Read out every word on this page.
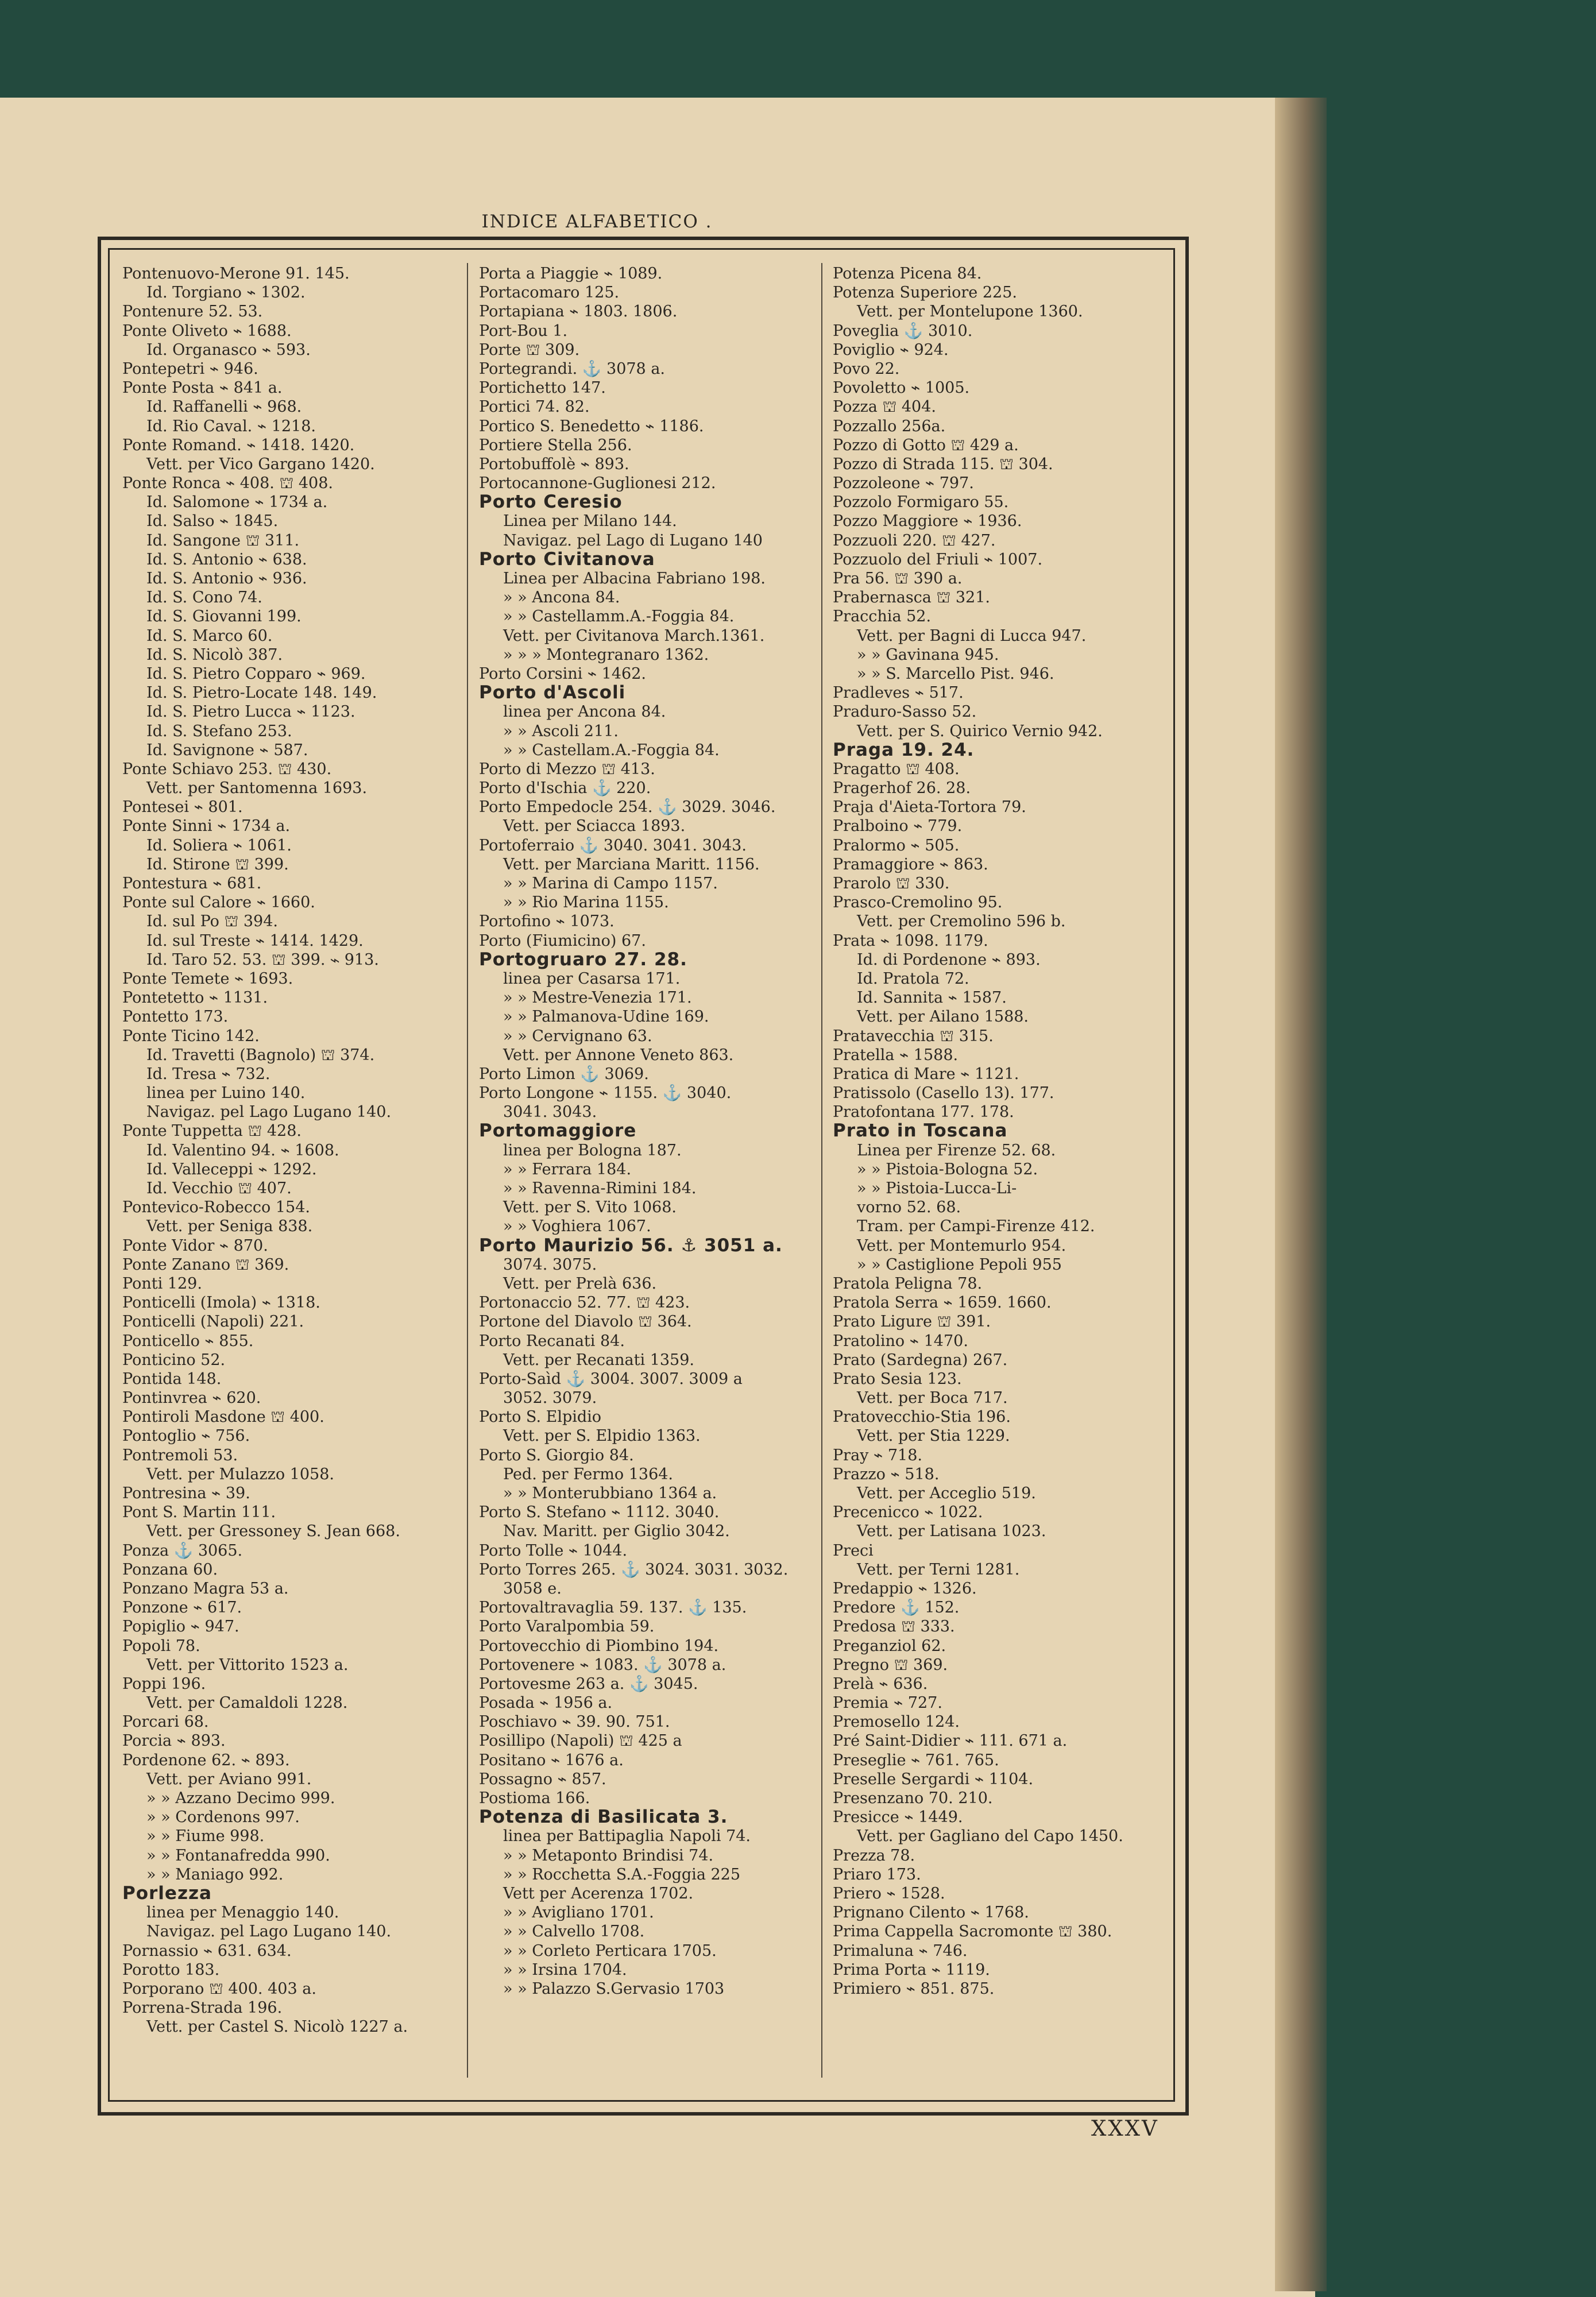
INDICE ALFABETICO .
Pontenuovo-Merone 91. 145.
Id. Torgiano ⌁ 1302.
Pontenure 52. 53.
Ponte Oliveto ⌁ 1688.
Id. Organasco ⌁ 593.
Pontepetri ⌁ 946.
Ponte Posta ⌁ 841 a.
Id. Raffanelli ⌁ 968.
Id. Rio Caval. ⌁ 1218.
Ponte Romand. ⌁ 1418. 1420.
Vett. per Vico Gargano 1420.
Ponte Ronca ⌁ 408. ⛫ 408.
Id. Salomone ⌁ 1734 a.
Id. Salso ⌁ 1845.
Id. Sangone ⛫ 311.
Id. S. Antonio ⌁ 638.
Id. S. Antonio ⌁ 936.
Id. S. Cono 74.
Id. S. Giovanni 199.
Id. S. Marco 60.
Id. S. Nicolò 387.
Id. S. Pietro Copparo ⌁ 969.
Id. S. Pietro-Locate 148. 149.
Id. S. Pietro Lucca ⌁ 1123.
Id. S. Stefano 253.
Id. Savignone ⌁ 587.
Ponte Schiavo 253. ⛫ 430.
Vett. per Santomenna 1693.
Pontesei ⌁ 801.
Ponte Sinni ⌁ 1734 a.
Id. Soliera ⌁ 1061.
Id. Stirone ⛫ 399.
Pontestura ⌁ 681.
Ponte sul Calore ⌁ 1660.
Id. sul Po ⛫ 394.
Id. sul Treste ⌁ 1414. 1429.
Id. Taro 52. 53. ⛫ 399. ⌁ 913.
Ponte Temete ⌁ 1693.
Pontetetto ⌁ 1131.
Pontetto 173.
Ponte Ticino 142.
Id. Travetti (Bagnolo) ⛫ 374.
Id. Tresa ⌁ 732.
linea per Luino 140.
Navigaz. pel Lago Lugano 140.
Ponte Tuppetta ⛫ 428.
Id. Valentino 94. ⌁ 1608.
Id. Valleceppi ⌁ 1292.
Id. Vecchio ⛫ 407.
Pontevico-Robecco 154.
Vett. per Seniga 838.
Ponte Vidor ⌁ 870.
Ponte Zanano ⛫ 369.
Ponti 129.
Ponticelli (Imola) ⌁ 1318.
Ponticelli (Napoli) 221.
Ponticello ⌁ 855.
Ponticino 52.
Pontida 148.
Pontinvrea ⌁ 620.
Pontiroli Masdone ⛫ 400.
Pontoglio ⌁ 756.
Pontremoli 53.
Vett. per Mulazzo 1058.
Pontresina ⌁ 39.
Pont S. Martin 111.
Vett. per Gressoney S. Jean 668.
Ponza ⚓ 3065.
Ponzana 60.
Ponzano Magra 53 a.
Ponzone ⌁ 617.
Popiglio ⌁ 947.
Popoli 78.
Vett. per Vittorito 1523 a.
Poppi 196.
Vett. per Camaldoli 1228.
Porcari 68.
Porcia ⌁ 893.
Pordenone 62. ⌁ 893.
Vett. per Aviano 991.
» » Azzano Decimo 999.
» » Cordenons 997.
» » Fiume 998.
» » Fontanafredda 990.
» » Maniago 992.
Porlezza
linea per Menaggio 140.
Navigaz. pel Lago Lugano 140.
Pornassio ⌁ 631. 634.
Porotto 183.
Porporano ⛫ 400. 403 a.
Porrena-Strada 196.
Vett. per Castel S. Nicolò 1227 a.
Porta a Piaggie ⌁ 1089.
Portacomaro 125.
Portapiana ⌁ 1803. 1806.
Port-Bou 1.
Porte ⛫ 309.
Portegrandi. ⚓ 3078 a.
Portichetto 147.
Portici 74. 82.
Portico S. Benedetto ⌁ 1186.
Portiere Stella 256.
Portobuffolè ⌁ 893.
Portocannone-Guglionesi 212.
Porto Ceresio
Linea per Milano 144.
Navigaz. pel Lago di Lugano 140
Porto Civitanova
Linea per Albacina Fabriano 198.
» » Ancona 84.
» » Castellamm.A.-Foggia 84.
Vett. per Civitanova March.1361.
» » » Montegranaro 1362.
Porto Corsini ⌁ 1462.
Porto d'Ascoli
linea per Ancona 84.
» » Ascoli 211.
» » Castellam.A.-Foggia 84.
Porto di Mezzo ⛫ 413.
Porto d'Ischia ⚓ 220.
Porto Empedocle 254. ⚓ 3029. 3046.
Vett. per Sciacca 1893.
Portoferraio ⚓ 3040. 3041. 3043.
Vett. per Marciana Maritt. 1156.
» » Marina di Campo 1157.
» » Rio Marina 1155.
Portofino ⌁ 1073.
Porto (Fiumicino) 67.
Portogruaro 27. 28.
linea per Casarsa 171.
» » Mestre-Venezia 171.
» » Palmanova-Udine 169.
» » Cervignano 63.
Vett. per Annone Veneto 863.
Porto Limon ⚓ 3069.
Porto Longone ⌁ 1155. ⚓ 3040.
3041. 3043.
Portomaggiore
linea per Bologna 187.
» » Ferrara 184.
» » Ravenna-Rimini 184.
Vett. per S. Vito 1068.
» » Voghiera 1067.
Porto Maurizio 56. ⚓ 3051 a.
3074. 3075.
Vett. per Prelà 636.
Portonaccio 52. 77. ⛫ 423.
Portone del Diavolo ⛫ 364.
Porto Recanati 84.
Vett. per Recanati 1359.
Porto-Saìd ⚓ 3004. 3007. 3009 a
3052. 3079.
Porto S. Elpidio
Vett. per S. Elpidio 1363.
Porto S. Giorgio 84.
Ped. per Fermo 1364.
» » Monterubbiano 1364 a.
Porto S. Stefano ⌁ 1112. 3040.
Nav. Maritt. per Giglio 3042.
Porto Tolle ⌁ 1044.
Porto Torres 265. ⚓ 3024. 3031. 3032.
3058 e.
Portovaltravaglia 59. 137. ⚓ 135.
Porto Varalpombia 59.
Portovecchio di Piombino 194.
Portovenere ⌁ 1083. ⚓ 3078 a.
Portovesme 263 a. ⚓ 3045.
Posada ⌁ 1956 a.
Poschiavo ⌁ 39. 90. 751.
Posillipo (Napoli) ⛫ 425 a
Positano ⌁ 1676 a.
Possagno ⌁ 857.
Postioma 166.
Potenza di Basilicata 3.
linea per Battipaglia Napoli 74.
» » Metaponto Brindisi 74.
» » Rocchetta S.A.-Foggia 225
Vett per Acerenza 1702.
» » Avigliano 1701.
» » Calvello 1708.
» » Corleto Perticara 1705.
» » Irsina 1704.
» » Palazzo S.Gervasio 1703
Potenza Picena 84.
Potenza Superiore 225.
Vett. per Montelupone 1360.
Poveglia ⚓ 3010.
Poviglio ⌁ 924.
Povo 22.
Povoletto ⌁ 1005.
Pozza ⛫ 404.
Pozzallo 256a.
Pozzo di Gotto ⛫ 429 a.
Pozzo di Strada 115. ⛫ 304.
Pozzoleone ⌁ 797.
Pozzolo Formigaro 55.
Pozzo Maggiore ⌁ 1936.
Pozzuoli 220. ⛫ 427.
Pozzuolo del Friuli ⌁ 1007.
Pra 56. ⛫ 390 a.
Prabernasca ⛫ 321.
Pracchia 52.
Vett. per Bagni di Lucca 947.
» » Gavinana 945.
» » S. Marcello Pist. 946.
Pradleves ⌁ 517.
Praduro-Sasso 52.
Vett. per S. Quirico Vernio 942.
Praga 19. 24.
Pragatto ⛫ 408.
Pragerhof 26. 28.
Praja d'Aieta-Tortora 79.
Pralboino ⌁ 779.
Pralormo ⌁ 505.
Pramaggiore ⌁ 863.
Prarolo ⛫ 330.
Prasco-Cremolino 95.
Vett. per Cremolino 596 b.
Prata ⌁ 1098. 1179.
Id. di Pordenone ⌁ 893.
Id. Pratola 72.
Id. Sannita ⌁ 1587.
Vett. per Ailano 1588.
Pratavecchia ⛫ 315.
Pratella ⌁ 1588.
Pratica di Mare ⌁ 1121.
Pratissolo (Casello 13). 177.
Pratofontana 177. 178.
Prato in Toscana
Linea per Firenze 52. 68.
» » Pistoia-Bologna 52.
» » Pistoia-Lucca-Li-
vorno 52. 68.
Tram. per Campi-Firenze 412.
Vett. per Montemurlo 954.
» » Castiglione Pepoli 955
Pratola Peligna 78.
Pratola Serra ⌁ 1659. 1660.
Prato Ligure ⛫ 391.
Pratolino ⌁ 1470.
Prato (Sardegna) 267.
Prato Sesia 123.
Vett. per Boca 717.
Pratovecchio-Stia 196.
Vett. per Stia 1229.
Pray ⌁ 718.
Prazzo ⌁ 518.
Vett. per Acceglio 519.
Precenicco ⌁ 1022.
Vett. per Latisana 1023.
Preci
Vett. per Terni 1281.
Predappio ⌁ 1326.
Predore ⚓ 152.
Predosa ⛫ 333.
Preganziol 62.
Pregno ⛫ 369.
Prelà ⌁ 636.
Premia ⌁ 727.
Premosello 124.
Pré Saint-Didier ⌁ 111. 671 a.
Preseglie ⌁ 761. 765.
Preselle Sergardi ⌁ 1104.
Presenzano 70. 210.
Presicce ⌁ 1449.
Vett. per Gagliano del Capo 1450.
Prezza 78.
Priaro 173.
Priero ⌁ 1528.
Prignano Cilento ⌁ 1768.
Prima Cappella Sacromonte ⛫ 380.
Primaluna ⌁ 746.
Prima Porta ⌁ 1119.
Primiero ⌁ 851. 875.
XXXV
